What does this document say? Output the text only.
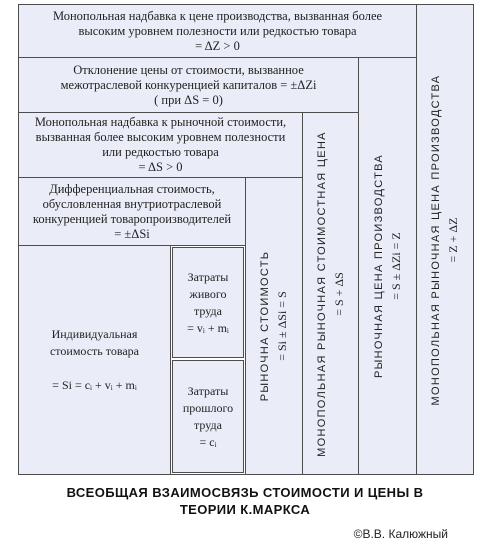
Монопольная надбавка к цене производства, вызванная более
высоким уровнем полезности или редкостью товара
= ΔZ > 0
МОНОПОЛЬНАЯ РЫНОЧНАЯ ЦЕНА ПРОИЗВОДСТВА = Z + ΔZ
Отклонение цены от стоимости, вызванное
межотраслевой конкуренцией капиталов = ±ΔZi
( при ΔS = 0)
РЫНОЧНАЯ ЦЕНА ПРОИЗВОДСТВА = S ± ΔZi = Z
Монопольная надбавка к рыночной стоимости,
вызванная более высоким уровнем полезности
или редкостью товара
= ΔS > 0	МОНОПОЛЬНАЯ РЫНОЧНАЯ СТОИМОСТНАЯ ЦЕНА = S + ΔS
Дифференциальная стоимость,
обусловленная внутриотраслевой
конкуренцией товаропроизводителей
= ±ΔSi
РЫНОЧНА СТОИМОСТЬ = Si ± ΔSi = S
Индивидуальная
стоимость товара
= Si = cᵢ + vᵢ + mᵢ
Затраты
живого
труда
= vᵢ + mᵢ
Затраты
прошлого
труда
= cᵢ
ВСЕОБЩАЯ ВЗАИМОСВЯЗЬ СТОИМОСТИ И ЦЕНЫ В
ТЕОРИИ К.МАРКСА
©В.В. Калюжный
